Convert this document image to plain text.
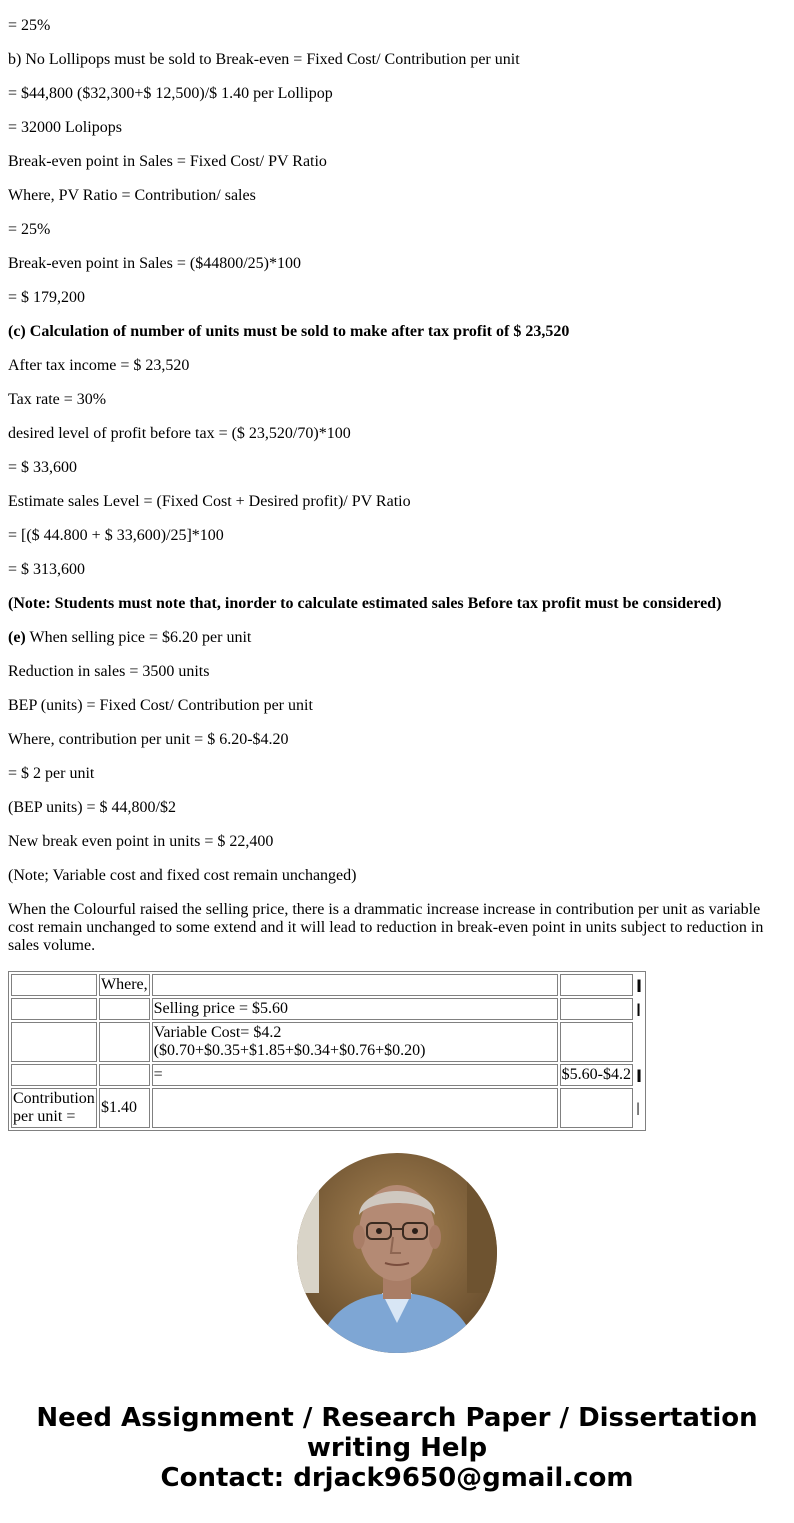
= 25%
b) No Lollipops must be sold to Break-even = Fixed Cost/ Contribution per unit
= $44,800 ($32,300+$ 12,500)/$ 1.40 per Lollipop
= 32000 Lolipops
Break-even point in Sales = Fixed Cost/ PV Ratio
Where, PV Ratio = Contribution/ sales
= 25%
Break-even point in Sales = ($44800/25)*100
= $ 179,200
(c) Calculation of number of units must be sold to make after tax profit of $ 23,520
After tax income = $ 23,520
Tax rate = 30%
desired level of profit before tax = ($ 23,520/70)*100
= $ 33,600
Estimate sales Level = (Fixed Cost + Desired profit)/ PV Ratio
= [($ 44.800 + $ 33,600)/25]*100
= $ 313,600
(Note: Students must note that, inorder to calculate estimated sales Before tax profit must be considered)
(e) When selling pice = $6.20 per unit
Reduction in sales = 3500 units
BEP (units) = Fixed Cost/ Contribution per unit
Where, contribution per unit = $ 6.20-$4.20
= $ 2 per unit
(BEP units) = $ 44,800/$2
New break even point in units = $ 22,400
(Note; Variable cost and fixed cost remain unchanged)
When the Colourful raised the selling price, there is a drammatic increase increase in contribution per unit as variable cost remain unchanged to some extend and it will lead to reduction in break-even point in units subject to reduction in sales volume.
	Where,			|||
		Selling price = $5.60		||
		Variable Cost= $4.2 ($0.70+$0.35+$1.85+$0.34+$0.76+$0.20)		
		=	$5.60-$4.2	|||
Contribution per unit =	$1.40			|
Need Assignment / Research Paper / Dissertation
writing Help
Contact: drjack9650@gmail.com
